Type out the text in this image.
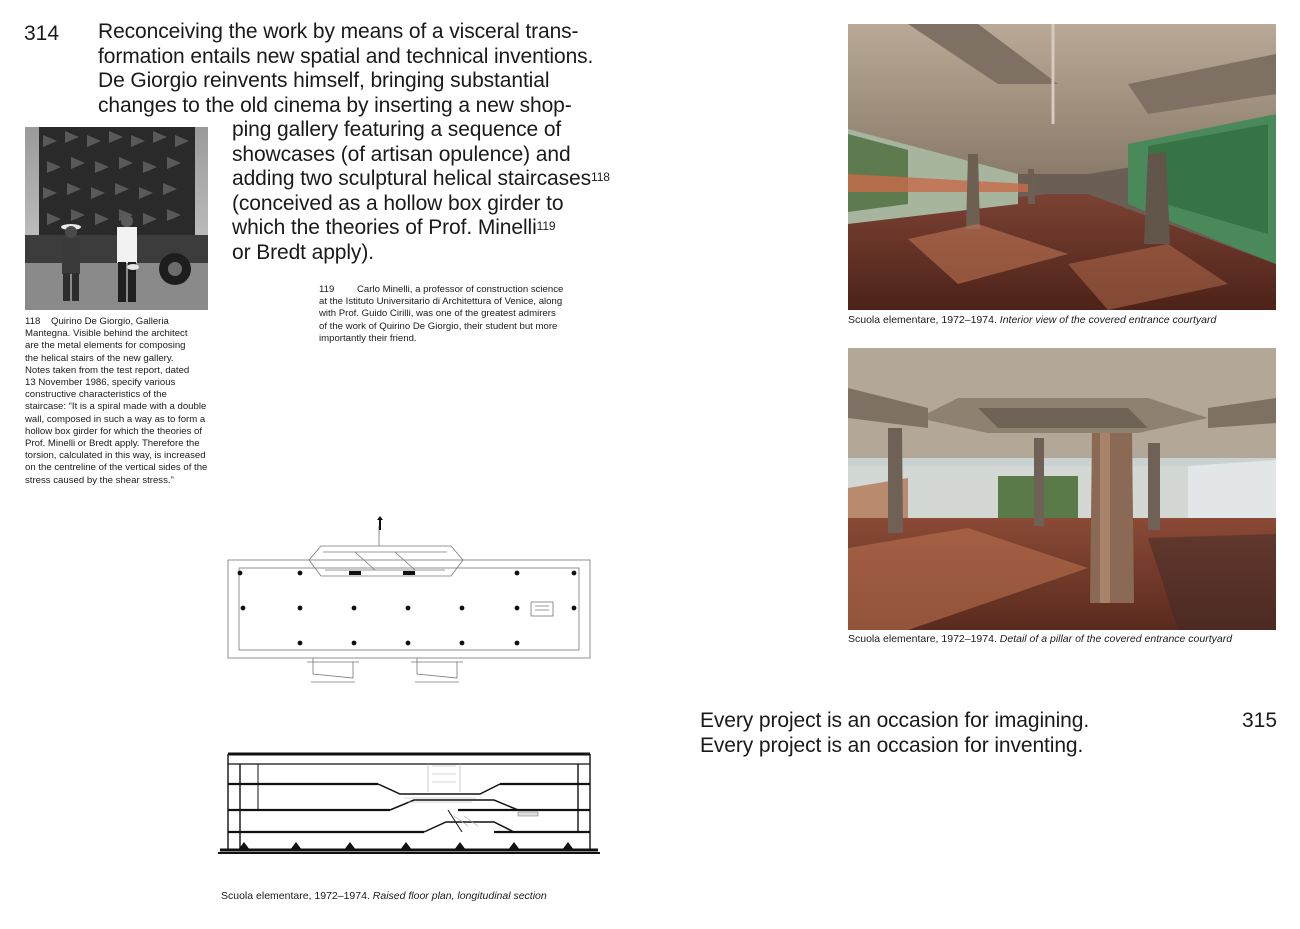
314 Reconceiving the work by means of a visceral trans-
formation entails new spatial and technical inventions.
De Giorgio reinvents himself, bringing substantial
changes to the old cinema by inserting a new shop-
ping gallery featuring a sequence of
showcases (of artisan opulence) and
adding two sculptural helical staircases$^{118}$
(conceived as a hollow box girder to
which the theories of Prof. Minelli$^{119}$
or Bredt apply).
118 Quirino De Giorgio, Galleria
Mantegna. Visible behind the architect
are the metal elements for composing
the helical stairs of the new gallery.
Notes taken from the test report, dated
13 November 1986, specify various
constructive characteristics of the
staircase: “It is a spiral made with a double
wall, composed in such a way as to form a
hollow box girder for which the theories of
Prof. Minelli or Bredt apply. Therefore the
torsion, calculated in this way, is increased
on the centreline of the vertical sides of the
stress caused by the shear stress.”
119 Carlo Minelli, a professor of construction science
at the Istituto Universitario di Architettura of Venice, along
with Prof. Guido Cirilli, was one of the greatest admirers
of the work of Quirino De Giorgio, their student but more
importantly their friend.
Scuola elementare, 1972–1974. Raised floor plan, longitudinal section
Scuola elementare, 1972–1974. Interior view of the covered entrance courtyard
Scuola elementare, 1972–1974. Detail of a pillar of the covered entrance courtyard
Every project is an occasion for imagining.
Every project is an occasion for inventing.
315
